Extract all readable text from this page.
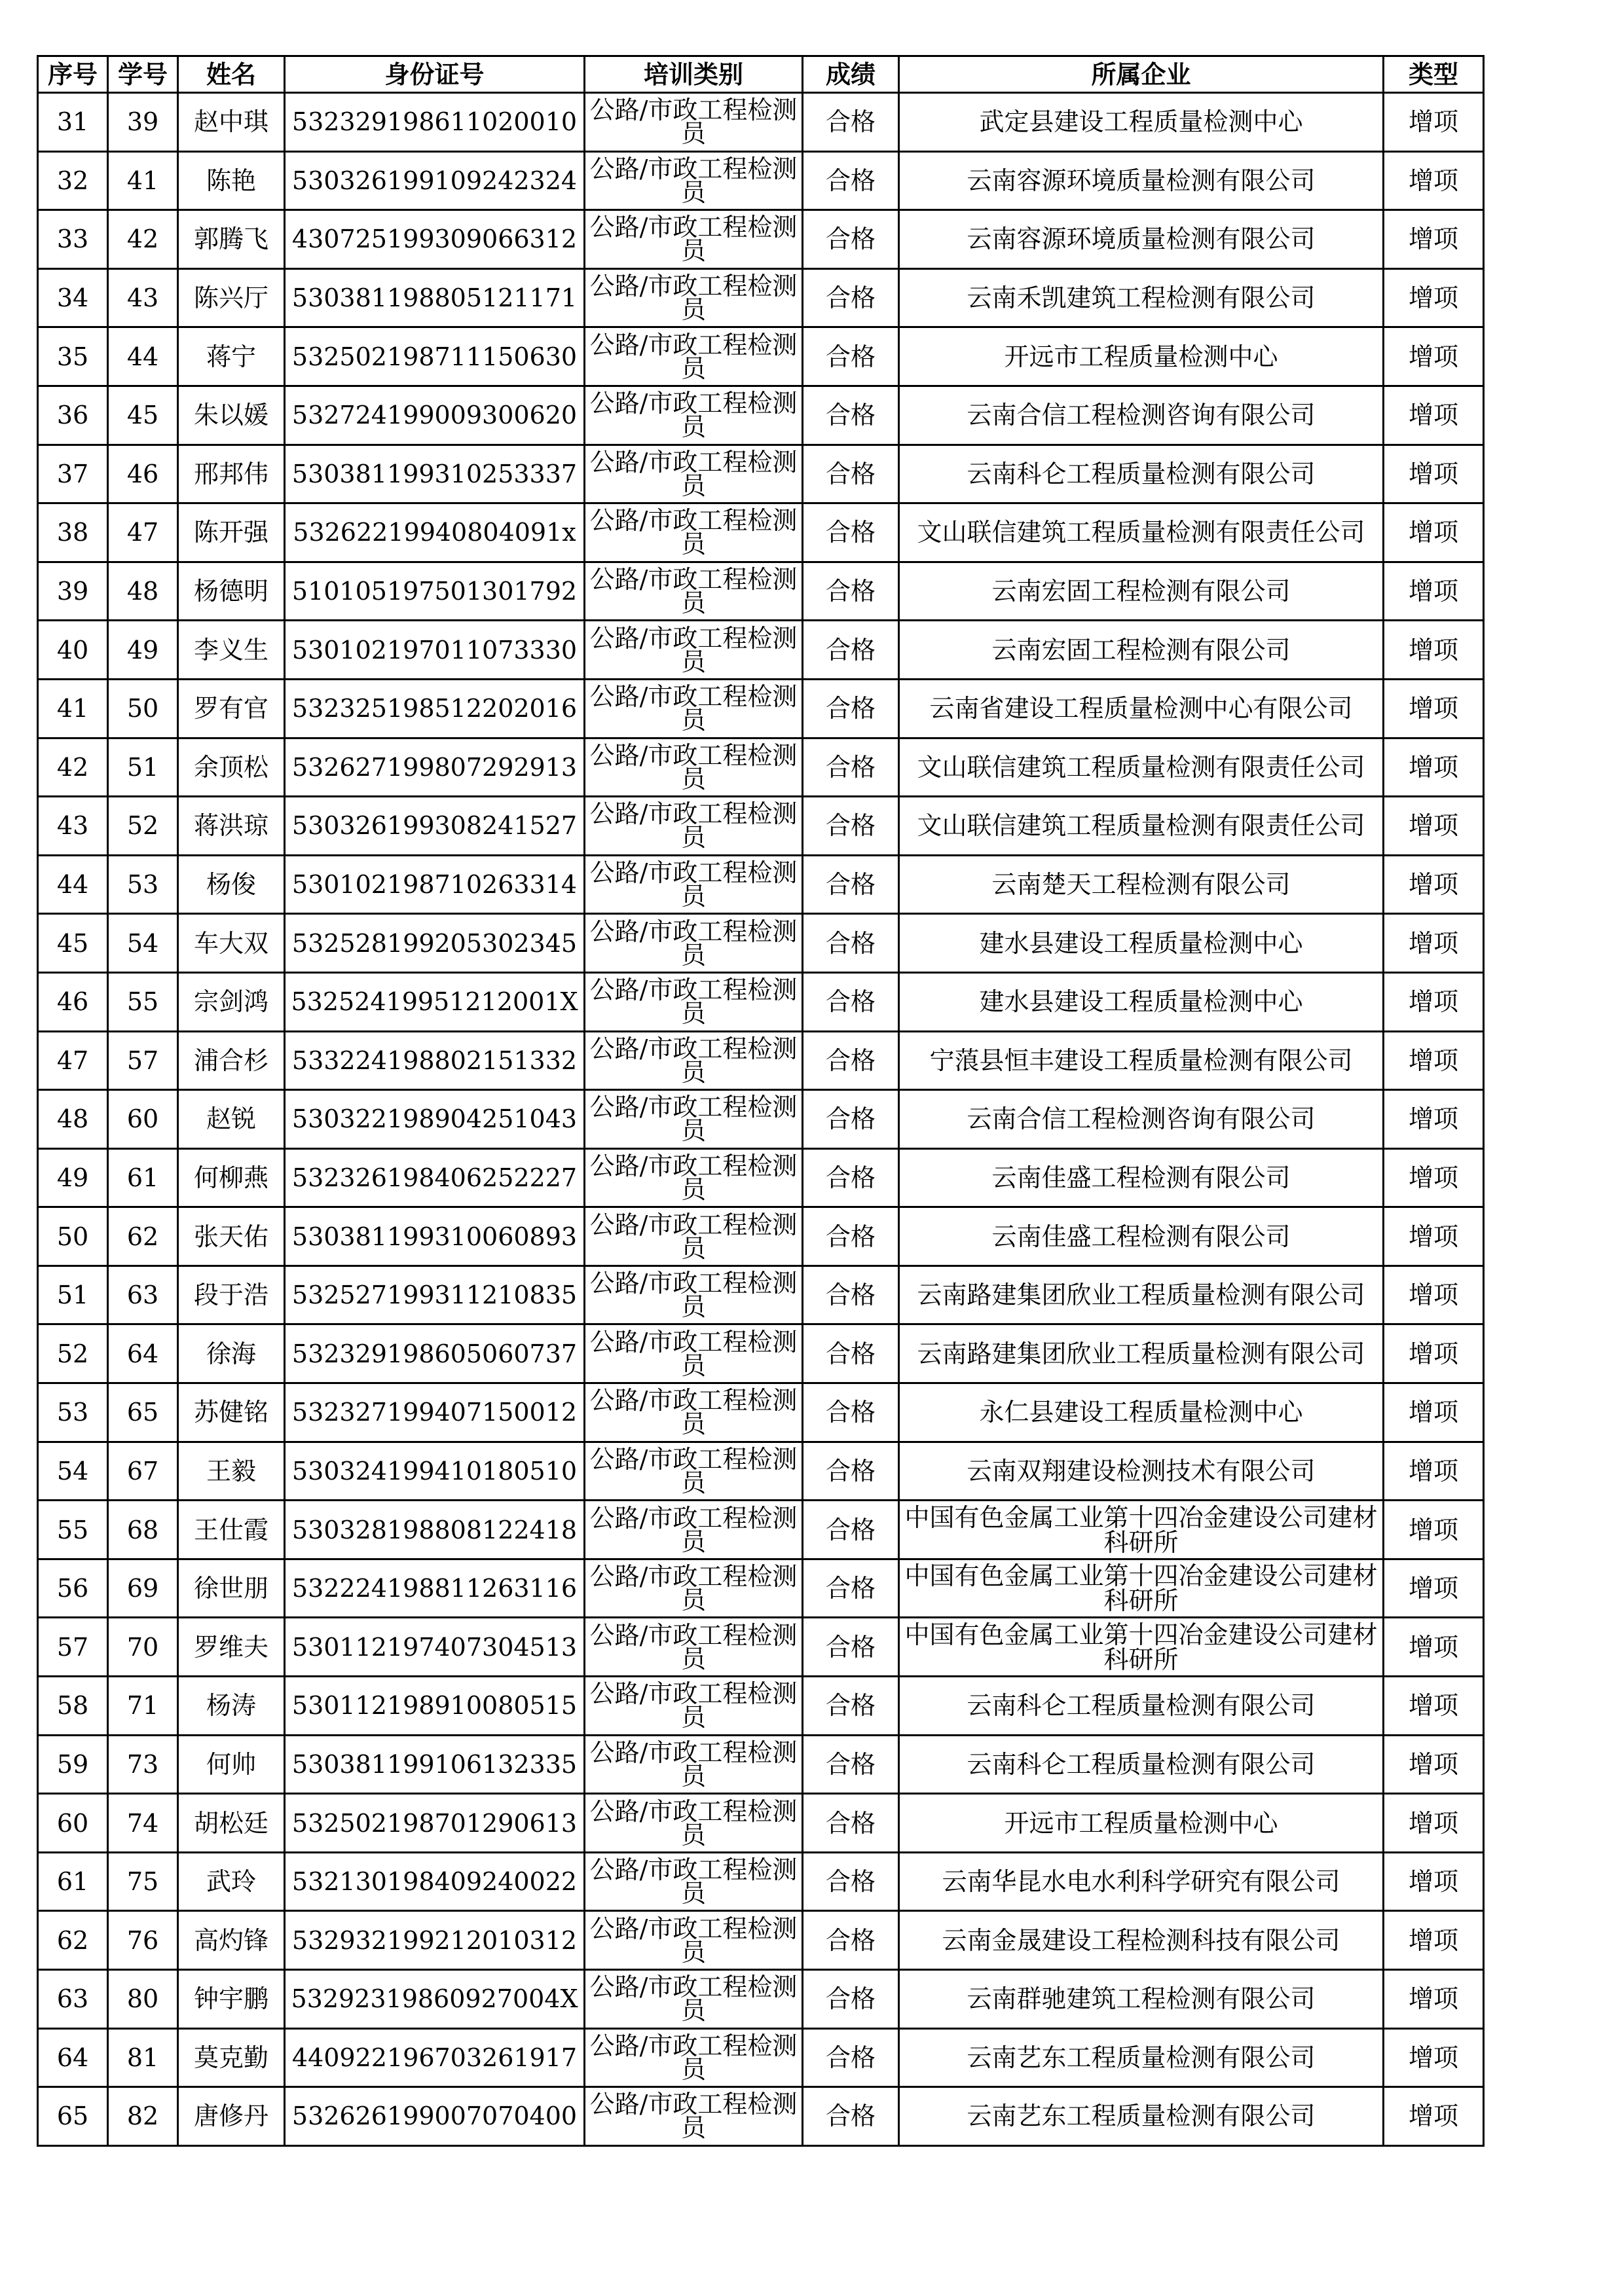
序号	学号	姓名	身份证号	培训类别	成绩	所属企业	类型
31	39	赵中琪	532329198611020010	公路/市政工程检测员	合格	武定县建设工程质量检测中心	增项
32	41	陈艳	530326199109242324	公路/市政工程检测员	合格	云南容源环境质量检测有限公司	增项
33	42	郭腾飞	430725199309066312	公路/市政工程检测员	合格	云南容源环境质量检测有限公司	增项
34	43	陈兴厅	530381198805121171	公路/市政工程检测员	合格	云南禾凯建筑工程检测有限公司	增项
35	44	蒋宁	532502198711150630	公路/市政工程检测员	合格	开远市工程质量检测中心	增项
36	45	朱以媛	532724199009300620	公路/市政工程检测员	合格	云南合信工程检测咨询有限公司	增项
37	46	邢邦伟	530381199310253337	公路/市政工程检测员	合格	云南科仑工程质量检测有限公司	增项
38	47	陈开强	53262219940804091x	公路/市政工程检测员	合格	文山联信建筑工程质量检测有限责任公司	增项
39	48	杨德明	510105197501301792	公路/市政工程检测员	合格	云南宏固工程检测有限公司	增项
40	49	李义生	530102197011073330	公路/市政工程检测员	合格	云南宏固工程检测有限公司	增项
41	50	罗有官	532325198512202016	公路/市政工程检测员	合格	云南省建设工程质量检测中心有限公司	增项
42	51	余顶松	532627199807292913	公路/市政工程检测员	合格	文山联信建筑工程质量检测有限责任公司	增项
43	52	蒋洪琼	530326199308241527	公路/市政工程检测员	合格	文山联信建筑工程质量检测有限责任公司	增项
44	53	杨俊	530102198710263314	公路/市政工程检测员	合格	云南楚天工程检测有限公司	增项
45	54	车大双	532528199205302345	公路/市政工程检测员	合格	建水县建设工程质量检测中心	增项
46	55	宗剑鸿	53252419951212001X	公路/市政工程检测员	合格	建水县建设工程质量检测中心	增项
47	57	浦合杉	533224198802151332	公路/市政工程检测员	合格	宁蒗县恒丰建设工程质量检测有限公司	增项
48	60	赵锐	530322198904251043	公路/市政工程检测员	合格	云南合信工程检测咨询有限公司	增项
49	61	何柳燕	532326198406252227	公路/市政工程检测员	合格	云南佳盛工程检测有限公司	增项
50	62	张天佑	530381199310060893	公路/市政工程检测员	合格	云南佳盛工程检测有限公司	增项
51	63	段于浩	532527199311210835	公路/市政工程检测员	合格	云南路建集团欣业工程质量检测有限公司	增项
52	64	徐海	532329198605060737	公路/市政工程检测员	合格	云南路建集团欣业工程质量检测有限公司	增项
53	65	苏健铭	532327199407150012	公路/市政工程检测员	合格	永仁县建设工程质量检测中心	增项
54	67	王毅	530324199410180510	公路/市政工程检测员	合格	云南双翔建设检测技术有限公司	增项
55	68	王仕霞	530328198808122418	公路/市政工程检测员	合格	中国有色金属工业第十四冶金建设公司建材科研所	增项
56	69	徐世朋	532224198811263116	公路/市政工程检测员	合格	中国有色金属工业第十四冶金建设公司建材科研所	增项
57	70	罗维夫	530112197407304513	公路/市政工程检测员	合格	中国有色金属工业第十四冶金建设公司建材科研所	增项
58	71	杨涛	530112198910080515	公路/市政工程检测员	合格	云南科仑工程质量检测有限公司	增项
59	73	何帅	530381199106132335	公路/市政工程检测员	合格	云南科仑工程质量检测有限公司	增项
60	74	胡松廷	532502198701290613	公路/市政工程检测员	合格	开远市工程质量检测中心	增项
61	75	武玲	532130198409240022	公路/市政工程检测员	合格	云南华昆水电水利科学研究有限公司	增项
62	76	高灼锋	532932199212010312	公路/市政工程检测员	合格	云南金晟建设工程检测科技有限公司	增项
63	80	钟宇鹏	53292319860927004X	公路/市政工程检测员	合格	云南群驰建筑工程检测有限公司	增项
64	81	莫克勤	440922196703261917	公路/市政工程检测员	合格	云南艺东工程质量检测有限公司	增项
65	82	唐修丹	532626199007070400	公路/市政工程检测员	合格	云南艺东工程质量检测有限公司	增项
